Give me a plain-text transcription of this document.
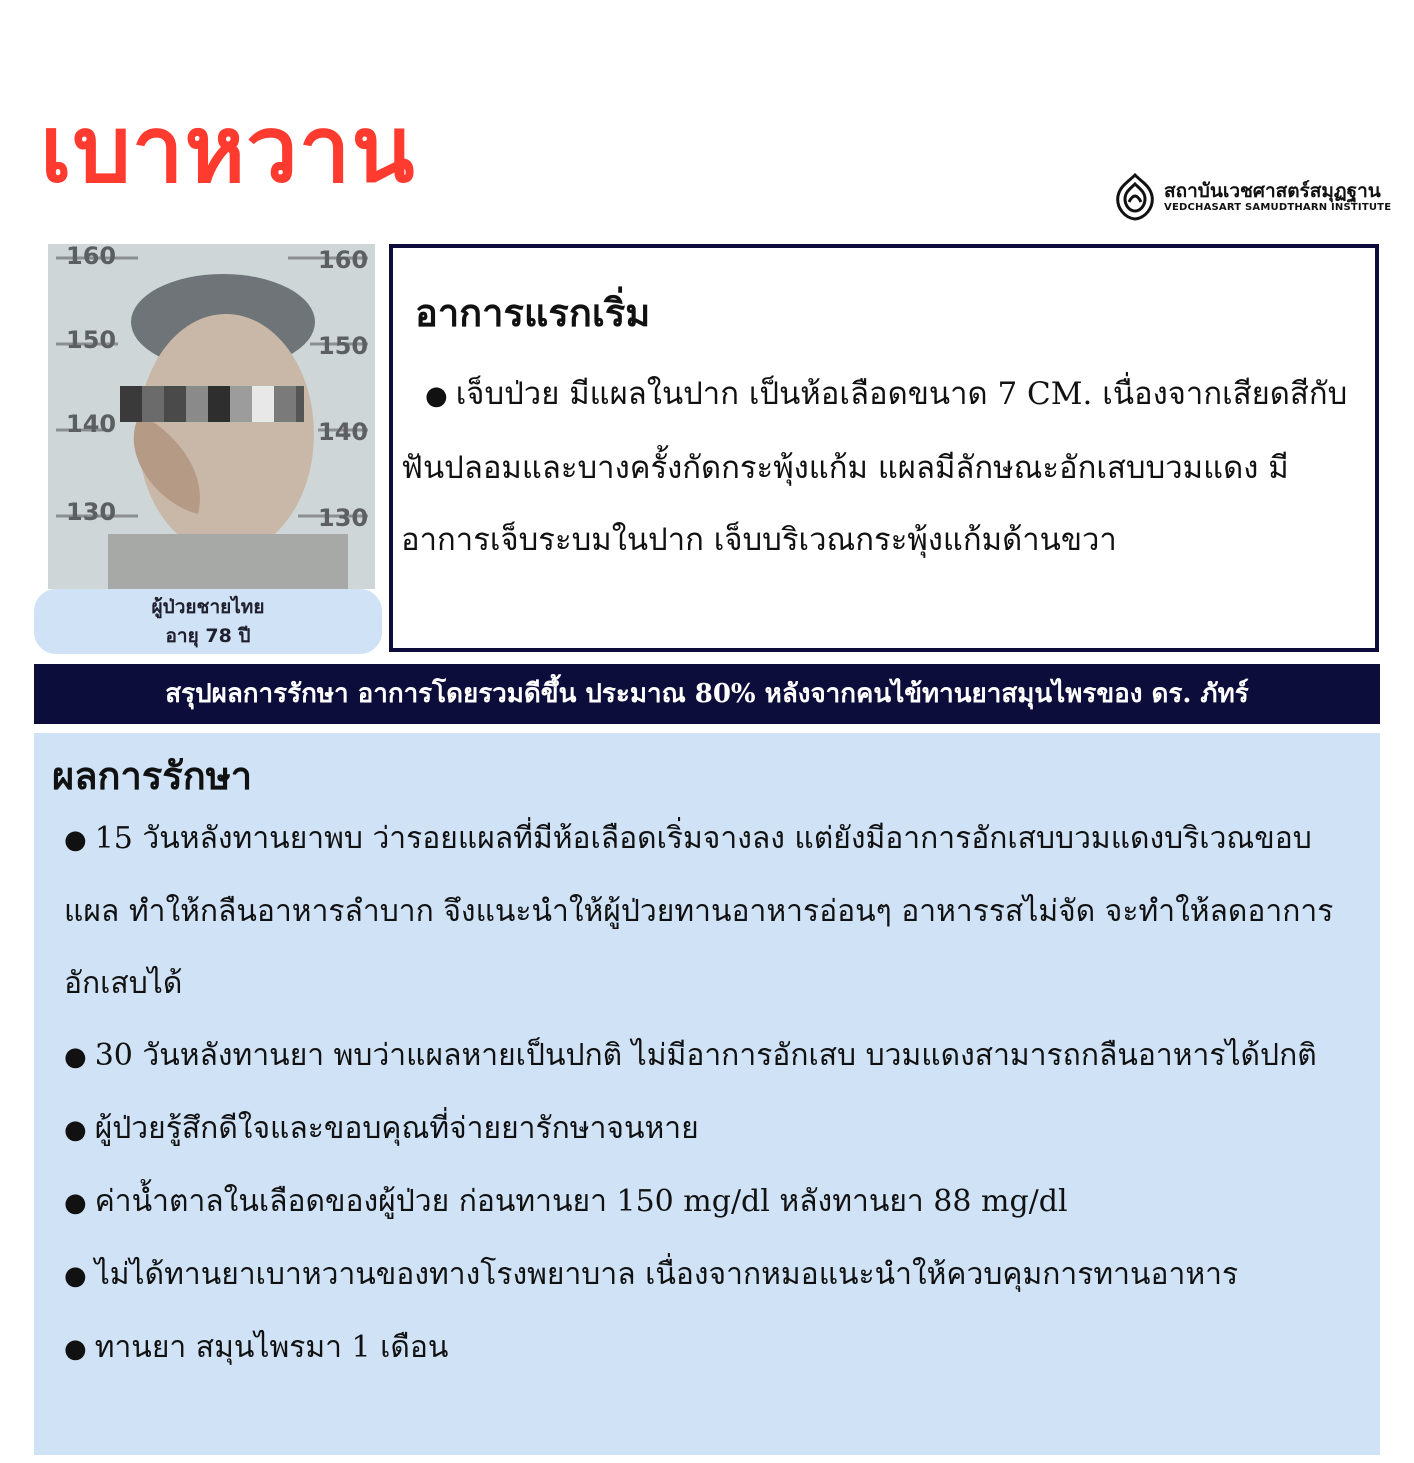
เบาหวาน	สถาบันเวชศาสตร์สมุฏฐาน
VEDCHASART SAMUDTHARN INSTITUTE
160	160
150	150
140	140
130	130
ผู้ป่วยชายไทย
อายุ 78 ปี
อาการแรกเริ่ม
● เจ็บป่วย มีแผลในปาก เป็นห้อเลือดขนาด 7 CM. เนื่องจากเสียดสีกับฟันปลอมและบางครั้งกัดกระพุ้งแก้ม แผลมีลักษณะอักเสบบวมแดง มีอาการเจ็บระบมในปาก เจ็บบริเวณกระพุ้งแก้มด้านขวา
สรุปผลการรักษา อาการโดยรวมดีขึ้น ประมาณ 80% หลังจากคนไข้ทานยาสมุนไพรของ ดร. ภัทร์
ผลการรักษา

● 15 วันหลังทานยาพบ ว่ารอยแผลที่มีห้อเลือดเริ่มจางลง แต่ยังมีอาการอักเสบบวมแดงบริเวณขอบแผล ทำให้กลืนอาหารลำบาก จึงแนะนำให้ผู้ป่วยทานอาหารอ่อนๆ อาหารรสไม่จัด จะทำให้ลดอาการอักเสบได้

● 30 วันหลังทานยา พบว่าแผลหายเป็นปกติ ไม่มีอาการอักเสบ บวมแดงสามารถกลืนอาหารได้ปกติ

● ผู้ป่วยรู้สึกดีใจและขอบคุณที่จ่ายยารักษาจนหาย

● ค่าน้ำตาลในเลือดของผู้ป่วย ก่อนทานยา 150 mg/dl หลังทานยา 88 mg/dl

● ไม่ได้ทานยาเบาหวานของทางโรงพยาบาล เนื่องจากหมอแนะนำให้ควบคุมการทานอาหาร

● ทานยา สมุนไพรมา 1 เดือน
